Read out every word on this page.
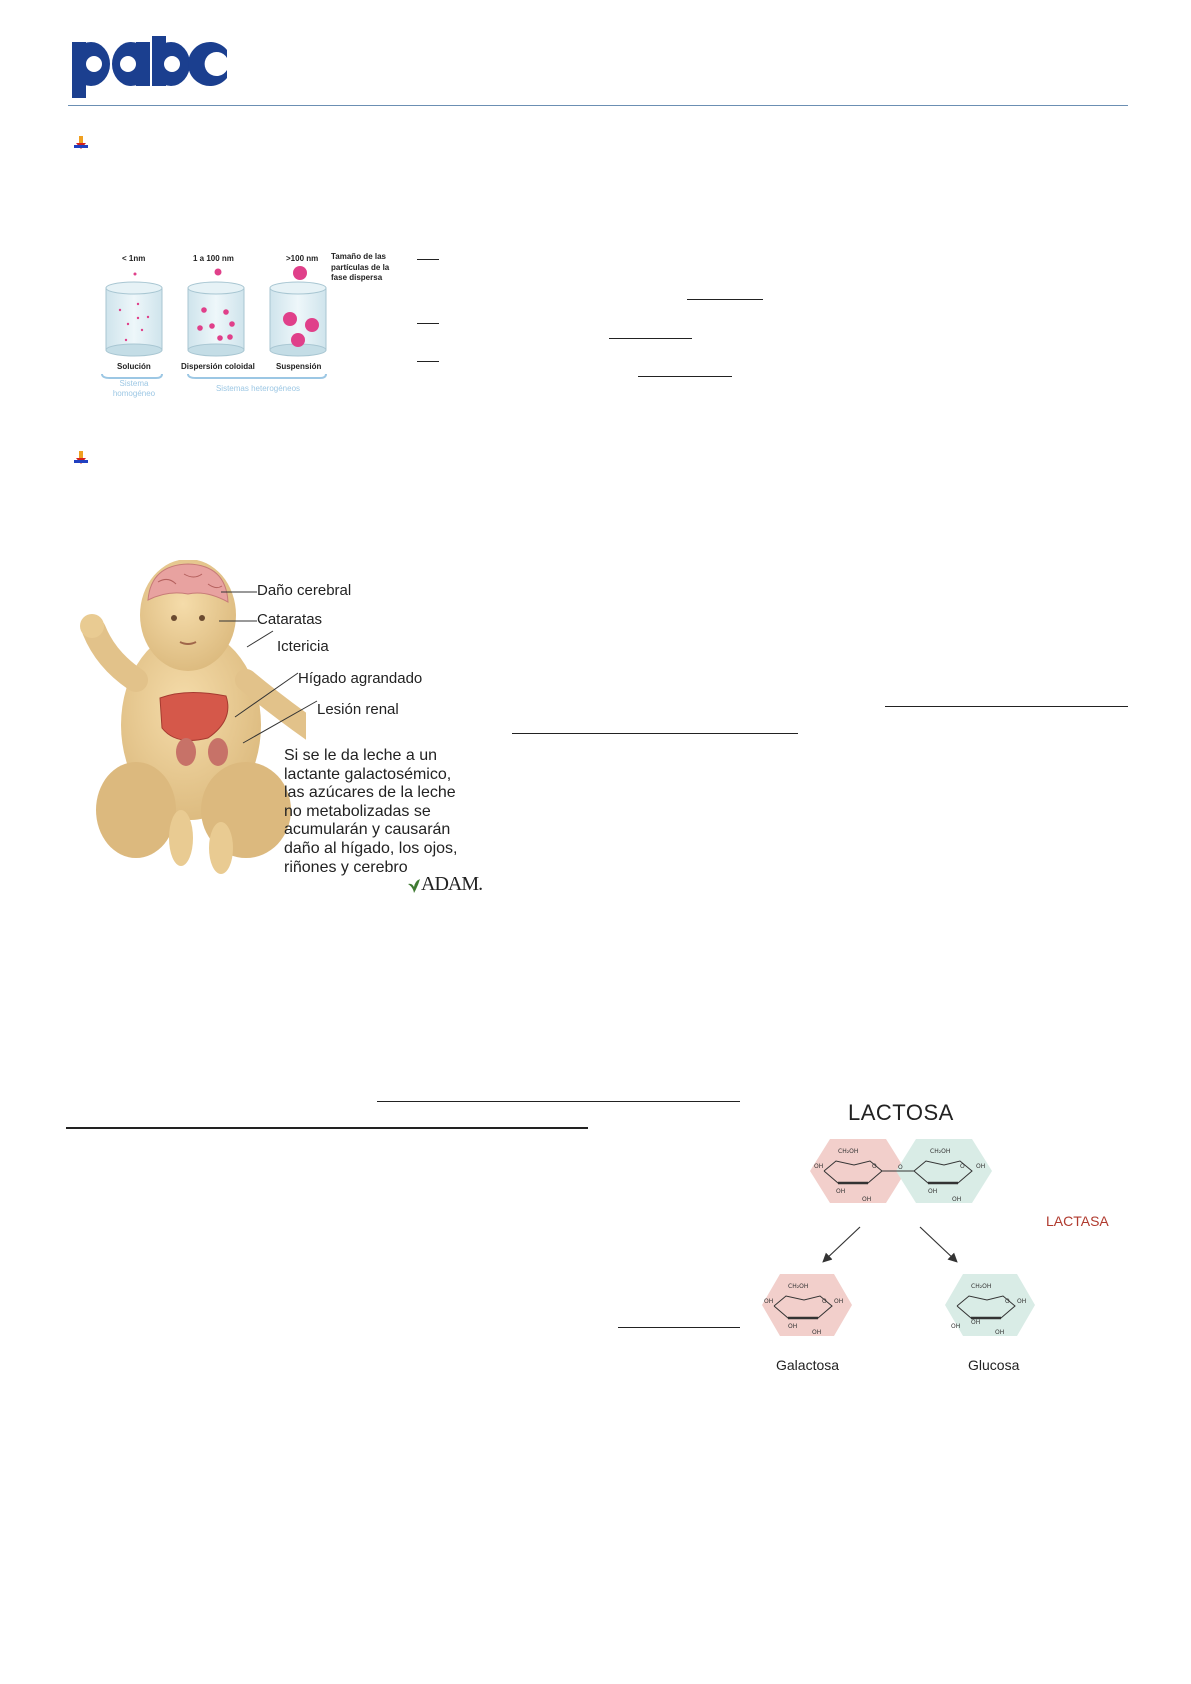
< 1nm	1 a 100 nm	>100 nm Tamaño de las
partículas de la
fase dispersa
Solución	Dispersión coloidal	Suspensión
Sistema
homogéneo
Sistemas heterogéneos
Daño cerebral
Cataratas
Ictericia
Hígado agrandado
Lesión renal
Si se le da leche a un
lactante galactosémico,
las azúcares de la leche
no metabolizadas se
acumularán y causarán
daño al hígado, los ojos,
riñones y cerebro
ADAM.
LACTOSA
CH₂OH
OH
OH
OH
O	O
CH₂OH
O OH
OH
OH
LACTASA
CH₂OH
OH	O OH
OH
OH
CH₂OH
O OH
OH
OH
OH
Galactosa	Glucosa
